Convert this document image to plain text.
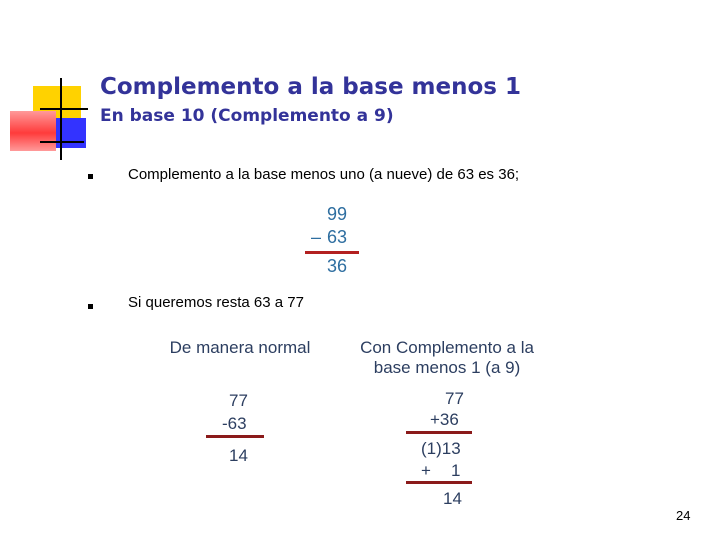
Complemento a la base menos 1
En base 10 (Complemento a 9)
Complemento a la base menos uno (a nueve) de 63 es 36;
99
– 63
36
Si queremos resta 63 a 77
De manera normal	Con Complemento a la
base menos 1 (a 9)
77
-63
14
77
+36
(1)13
+ 1
14
24
